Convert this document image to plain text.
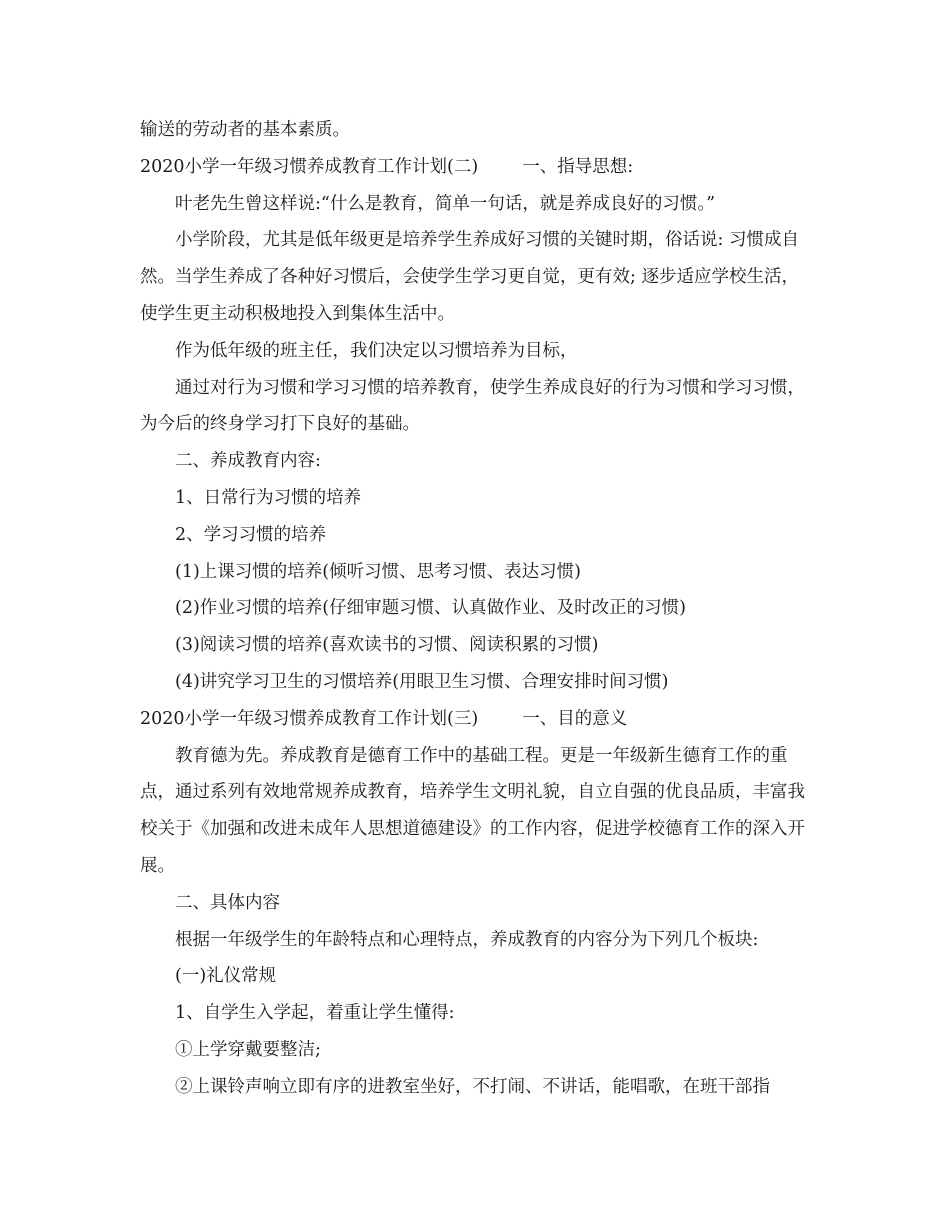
输送的劳动者的基本素质。

2020小学一年级习惯养成教育工作计划(二)	一、指导思想:

叶老先生曾这样说:“什么是教育，简单一句话，就是养成良好的习惯。”

小学阶段，尤其是低年级更是培养学生养成好习惯的关键时期，俗话说: 习惯成自然。当学生养成了各种好习惯后，会使学生学习更自觉，更有效; 逐步适应学校生活，使学生更主动积极地投入到集体生活中。

作为低年级的班主任，我们决定以习惯培养为目标，

通过对行为习惯和学习习惯的培养教育，使学生养成良好的行为习惯和学习习惯，为今后的终身学习打下良好的基础。

二、养成教育内容:

1、日常行为习惯的培养

2、学习习惯的培养

(1)上课习惯的培养(倾听习惯、思考习惯、表达习惯)

(2)作业习惯的培养(仔细审题习惯、认真做作业、及时改正的习惯)

(3)阅读习惯的培养(喜欢读书的习惯、阅读积累的习惯)

(4)讲究学习卫生的习惯培养(用眼卫生习惯、合理安排时间习惯)

2020小学一年级习惯养成教育工作计划(三)	一、目的意义

教育德为先。养成教育是德育工作中的基础工程。更是一年级新生德育工作的重点，通过系列有效地常规养成教育，培养学生文明礼貌，自立自强的优良品质，丰富我校关于《加强和改进未成年人思想道德建设》的工作内容，促进学校德育工作的深入开展。

二、具体内容

根据一年级学生的年龄特点和心理特点，养成教育的内容分为下列几个板块:

(一)礼仪常规

1、自学生入学起，着重让学生懂得:

①上学穿戴要整洁;

②上课铃声响立即有序的进教室坐好，不打闹、不讲话，能唱歌，在班干部指
